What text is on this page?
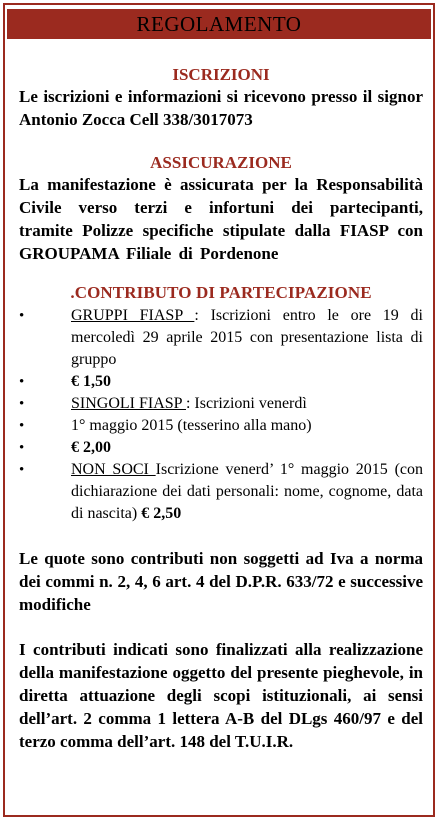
REGOLAMENTO
ISCRIZIONI

Le iscrizioni e informazioni si ricevono presso il signor Antonio Zocca Cell 338/3017073

ASSICURAZIONE

La manifestazione è assicurata per la Responsabilità Civile verso terzi e infortuni dei partecipanti, tramite Polizze specifiche stipulate dalla FIASP con GROUPAMA Filiale di Pordenone

.CONTRIBUTO DI PARTECIPAZIONE
• GRUPPI FIASP : Iscrizioni entro le ore 19 di mercoledì 29 aprile 2015 con presentazione lista di gruppo
• € 1,50
• SINGOLI FIASP : Iscrizioni venerdì
• 1° maggio 2015 (tesserino alla mano)
• € 2,00
• NON SOCI Iscrizione venerd’ 1° maggio 2015 (con dichiarazione dei dati personali: nome, cognome, data di nascita) € 2,50

Le quote sono contributi non soggetti ad Iva a norma dei commi n. 2, 4, 6 art. 4 del D.P.R. 633/72 e successive modifiche

I contributi indicati sono finalizzati alla realizzazione della manifestazione oggetto del presente pieghevole, in diretta attuazione degli scopi istituzionali, ai sensi dell’art. 2 comma 1 lettera A-B del DLgs 460/97 e del terzo comma dell’art. 148 del T.U.I.R.
